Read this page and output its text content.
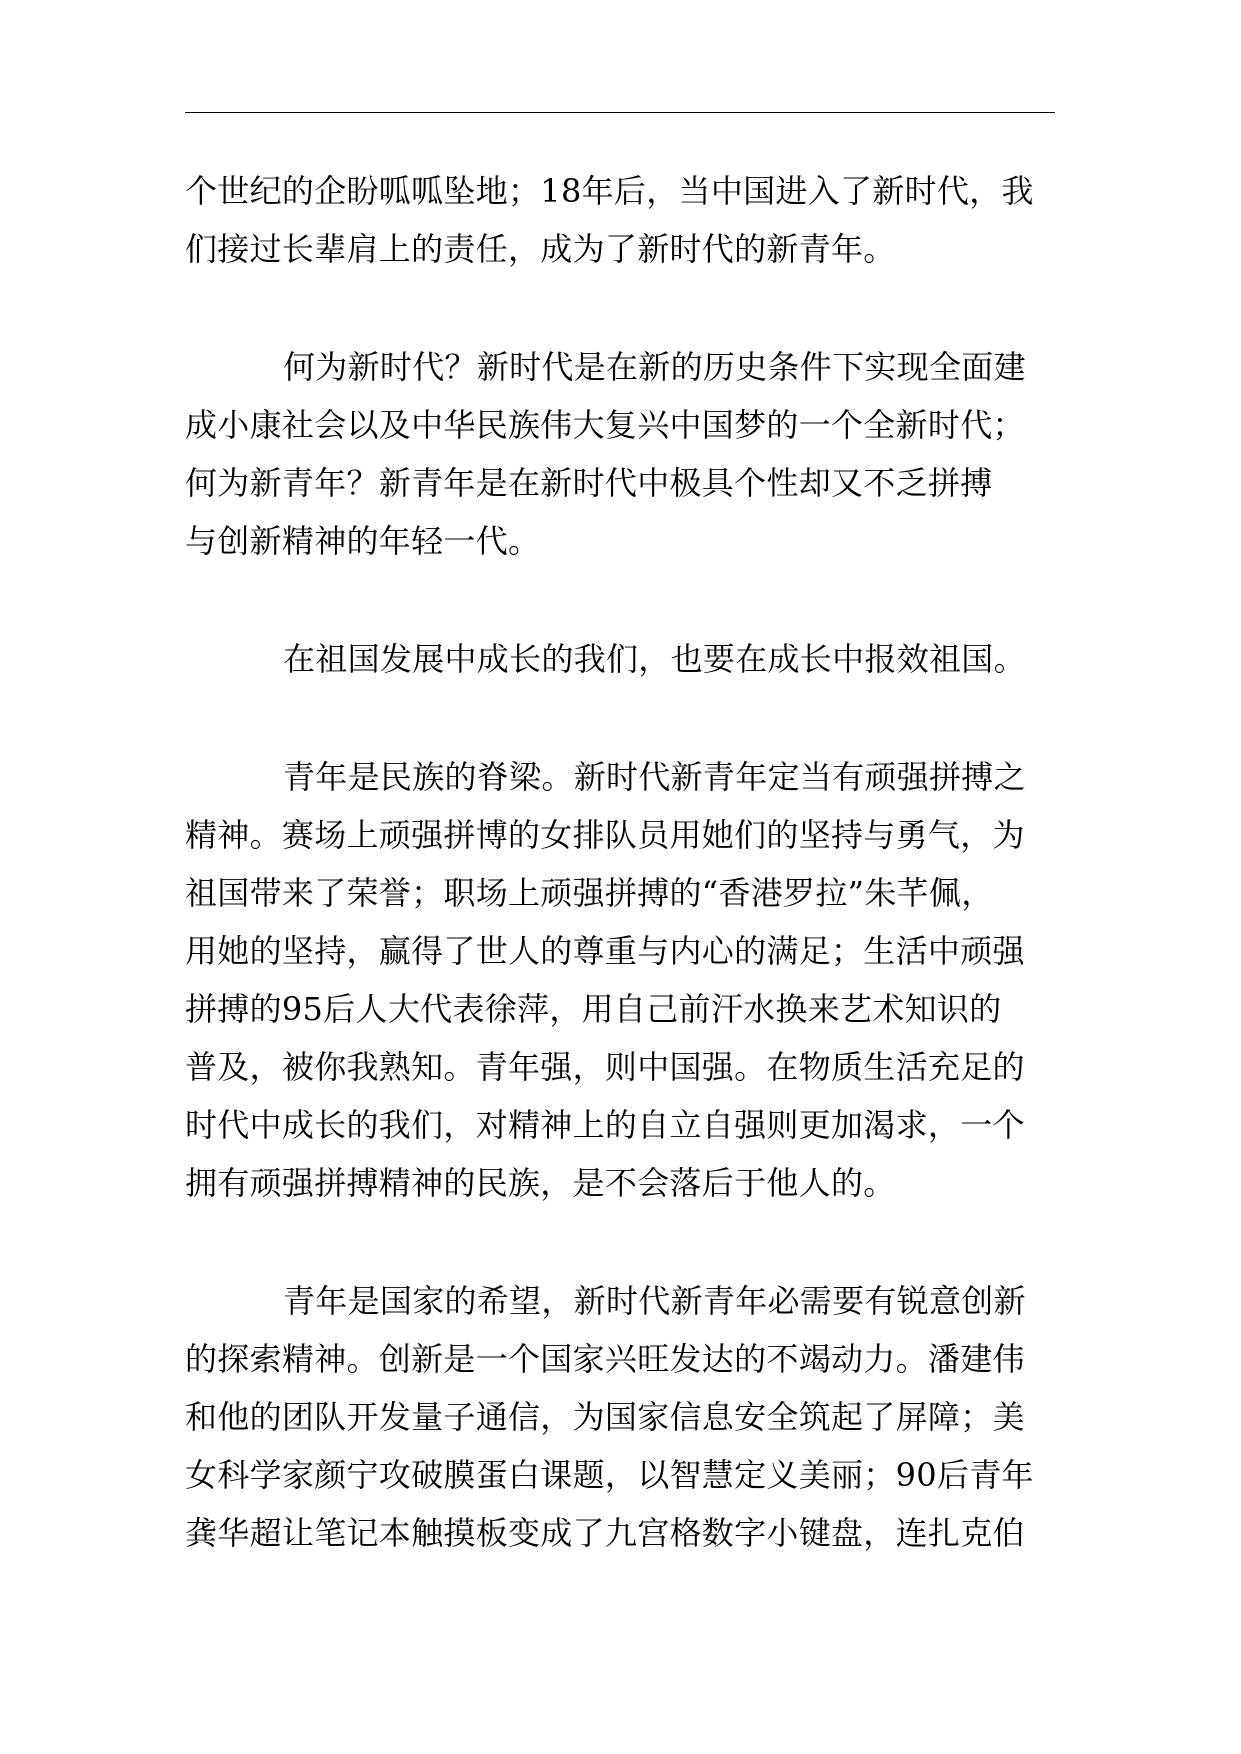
个世纪的企盼呱呱坠地；18年后，当中国进入了新时代，我
们接过长辈肩上的责任，成为了新时代的新青年。
何为新时代？新时代是在新的历史条件下实现全面建
成小康社会以及中华民族伟大复兴中国梦的一个全新时代；
何为新青年？新青年是在新时代中极具个性却又不乏拼搏
与创新精神的年轻一代。
在祖国发展中成长的我们，也要在成长中报效祖国。
青年是民族的脊梁。新时代新青年定当有顽强拼搏之
精神。赛场上顽强拼博的女排队员用她们的坚持与勇气，为
祖国带来了荣誉；职场上顽强拼搏的“香港罗拉”朱芊佩，
用她的坚持，赢得了世人的尊重与内心的满足；生活中顽强
拼搏的95后人大代表徐萍，用自己前汗水换来艺术知识的
普及，被你我熟知。青年强，则中国强。在物质生活充足的
时代中成长的我们，对精神上的自立自强则更加渴求，一个
拥有顽强拼搏精神的民族，是不会落后于他人的。
青年是国家的希望，新时代新青年必需要有锐意创新
的探索精神。创新是一个国家兴旺发达的不竭动力。潘建伟
和他的团队开发量子通信，为国家信息安全筑起了屏障；美
女科学家颜宁攻破膜蛋白课题，以智慧定义美丽；90后青年
龚华超让笔记本触摸板变成了九宫格数字小键盘，连扎克伯
